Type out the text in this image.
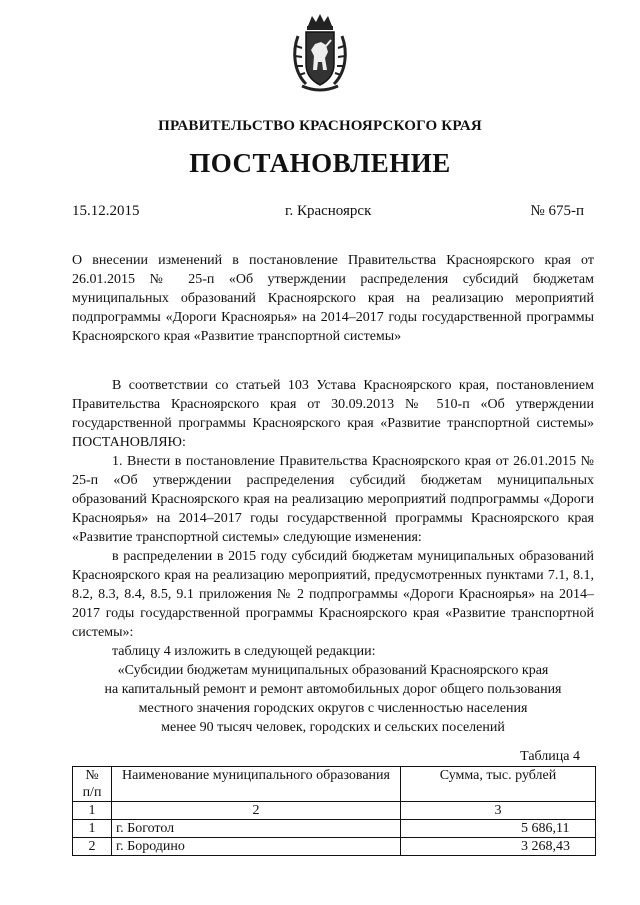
ПРАВИТЕЛЬСТВО КРАСНОЯРСКОГО КРАЯ
ПОСТАНОВЛЕНИЕ
15.12.2015	г. Красноярск	№ 675-п

О внесении изменений в постановление Правительства Красноярского края от 26.01.2015 № 25-п «Об утверждении распределения субсидий бюджетам муниципальных образований Красноярского края на реализацию мероприятий подпрограммы «Дороги Красноярья» на 2014–2017 годы государственной программы Красноярского края «Развитие транспортной системы»

В соответствии со статьей 103 Устава Красноярского края, постановлением Правительства Красноярского края от 30.09.2013 № 510-п «Об утверждении государственной программы Красноярского края «Развитие транспортной системы» ПОСТАНОВЛЯЮ:

1. Внести в постановление Правительства Красноярского края от 26.01.2015 № 25-п «Об утверждении распределения субсидий бюджетам муниципальных образований Красноярского края на реализацию мероприятий подпрограммы «Дороги Красноярья» на 2014–2017 годы государственной программы Красноярского края «Развитие транспортной системы» следующие изменения:

в распределении в 2015 году субсидий бюджетам муниципальных образований Красноярского края на реализацию мероприятий, предусмотренных пунктами 7.1, 8.1, 8.2, 8.3, 8.4, 8.5, 9.1 приложения № 2 подпрограммы «Дороги Красноярья» на 2014–2017 годы государственной программы Красноярского края «Развитие транспортной системы»:

таблицу 4 изложить в следующей редакции:

«Субсидии бюджетам муниципальных образований Красноярского края

на капитальный ремонт и ремонт автомобильных дорог общего пользования

местного значения городских округов с численностью населения

менее 90 тысяч человек, городских и сельских поселений

Таблица 4
№
п/п	Наименование муниципального образования	Сумма, тыс. рублей
1	2	3
1	г. Боготол	5 686,11
2	г. Бородино	3 268,43
